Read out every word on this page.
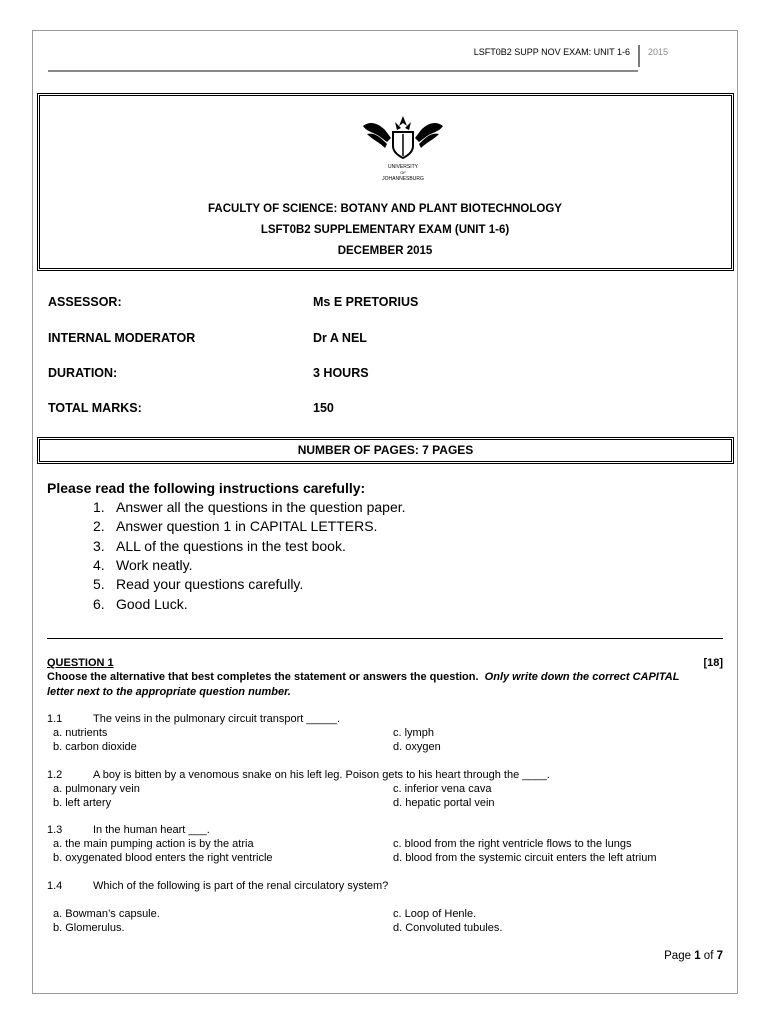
LSFT0B2 SUPP NOV EXAM: UNIT 1-6 2015
UNIVERSITY
OF
JOHANNESBURG
FACULTY OF SCIENCE: BOTANY AND PLANT BIOTECHNOLOGY
LSFT0B2 SUPPLEMENTARY EXAM (UNIT 1-6)
DECEMBER 2015
ASSESSOR:	Ms E PRETORIUS
INTERNAL MODERATOR	Dr A NEL
DURATION:	3 HOURS
TOTAL MARKS:	150
NUMBER OF PAGES: 7 PAGES
Please read the following instructions carefully:
1. Answer all the questions in the question paper.
2. Answer question 1 in CAPITAL LETTERS.
3. ALL of the questions in the test book.
4. Work neatly.
5. Read your questions carefully.
6. Good Luck.
QUESTION 1	[18]
Choose the alternative that best completes the statement or answers the question. Only write down the correct CAPITAL letter next to the appropriate question number.
1.1	The veins in the pulmonary circuit transport _____.
a. nutrients	c. lymph
b. carbon dioxide	d. oxygen
1.2	A boy is bitten by a venomous snake on his left leg. Poison gets to his heart through the ____.
a. pulmonary vein	c. inferior vena cava
b. left artery	d. hepatic portal vein
1.3	In the human heart ___.
a. the main pumping action is by the atria	c. blood from the right ventricle flows to the lungs
b. oxygenated blood enters the right ventricle	d. blood from the systemic circuit enters the left atrium
1.4	Which of the following is part of the renal circulatory system?
a. Bowman’s capsule.	c. Loop of Henle.
b. Glomerulus.	d. Convoluted tubules.
Page 1 of 7
